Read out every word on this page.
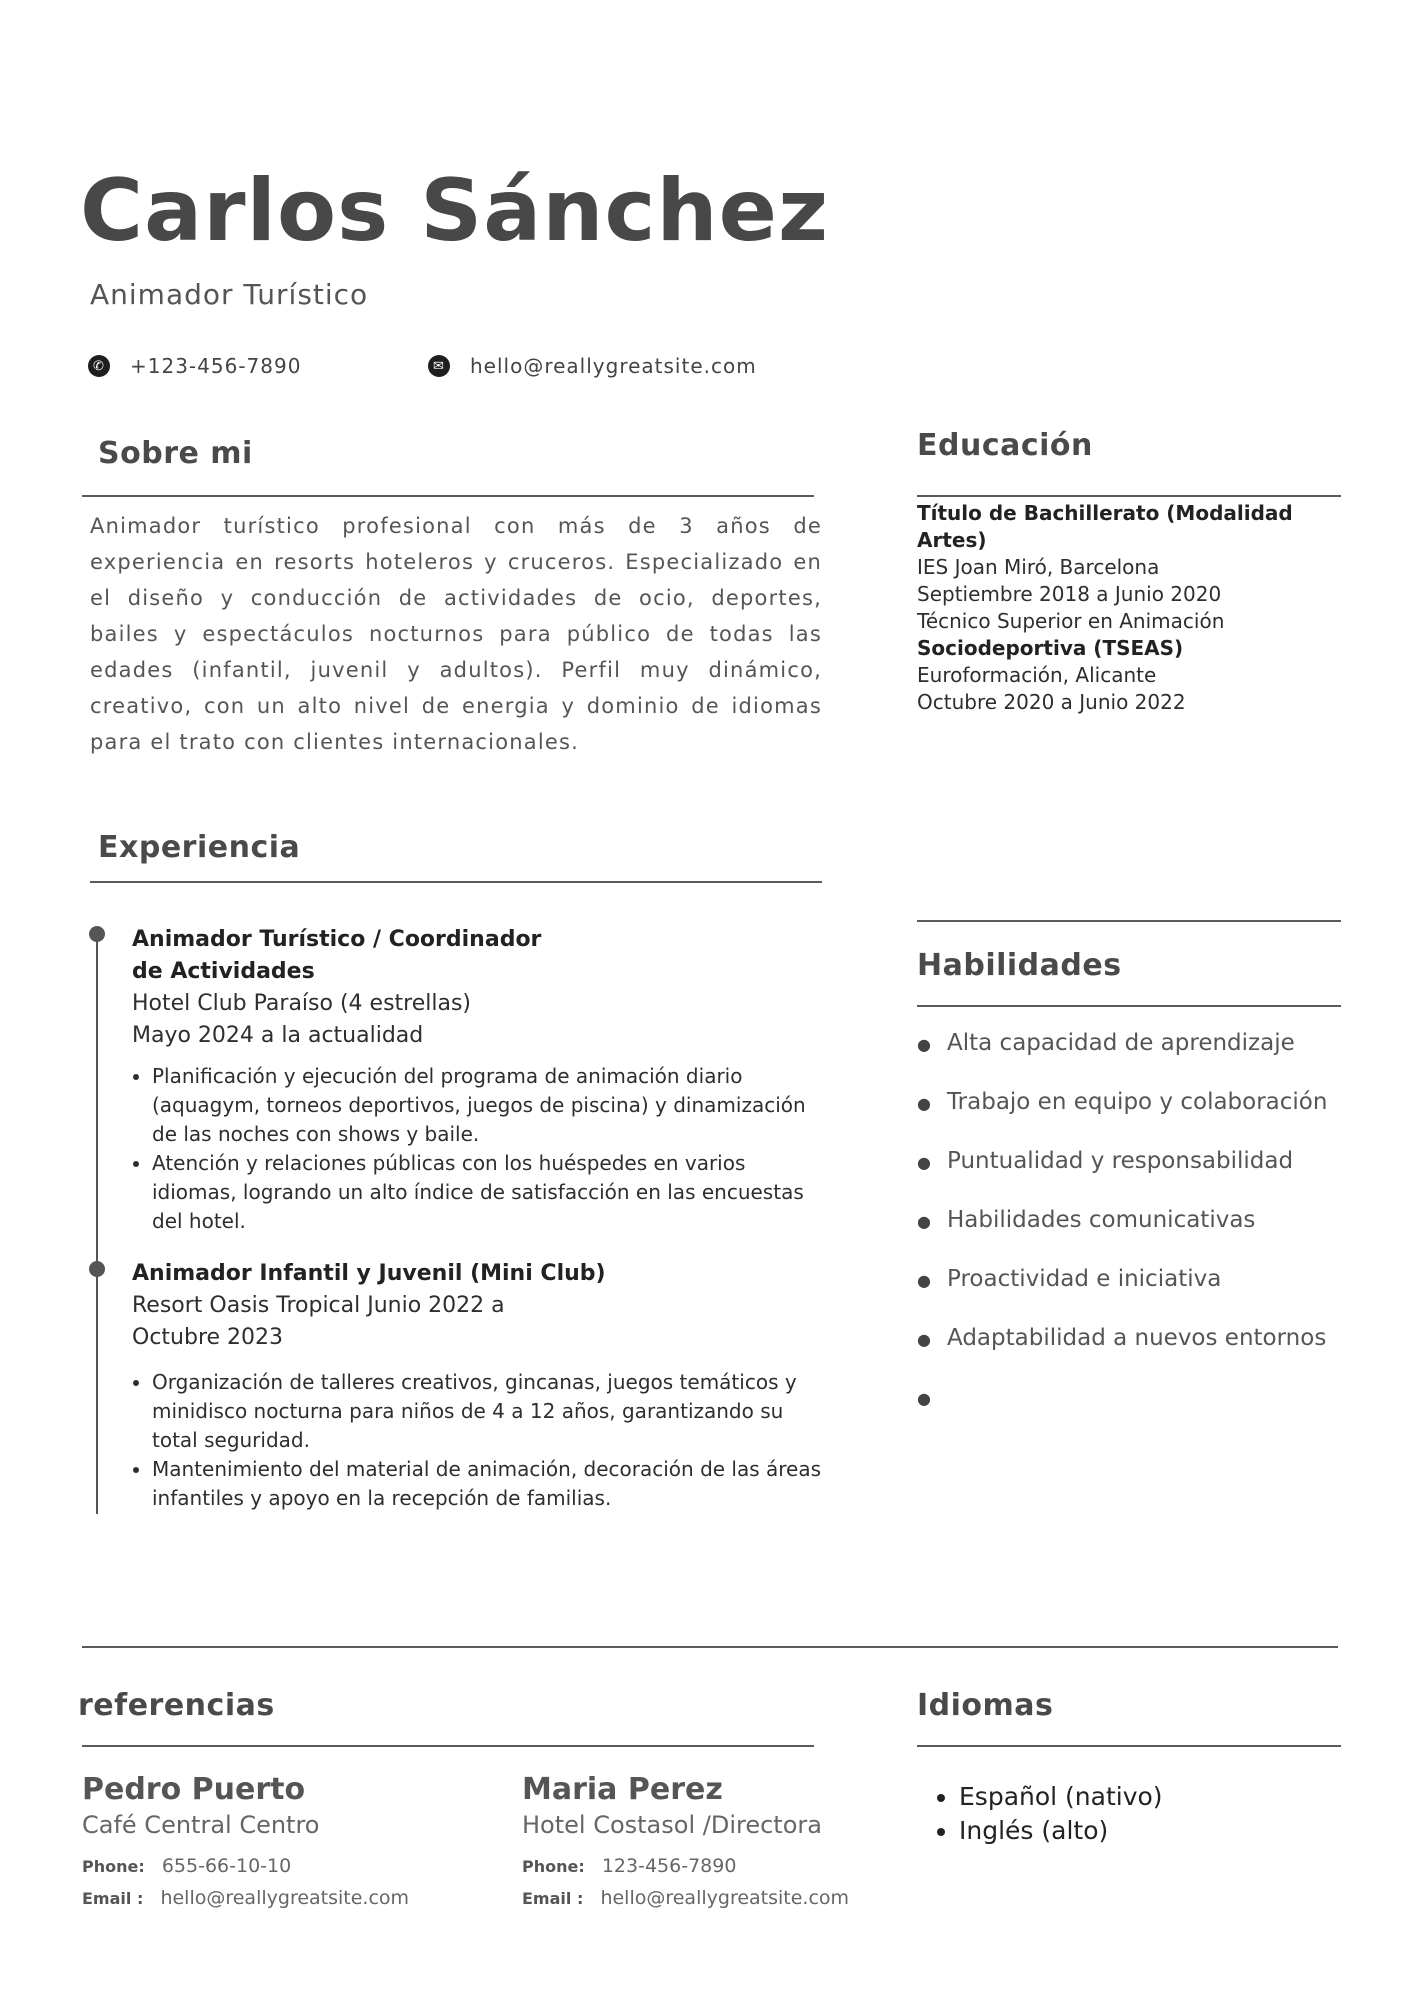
Carlos Sánchez
Animador Turístico
✆ +123-456-7890	✉ hello@reallygreatsite.com
Sobre mi
Animador turístico profesional con más de 3 años de experiencia en resorts hoteleros y cruceros. Especializado en el diseño y conducción de actividades de ocio, deportes, bailes y espectáculos nocturnos para público de todas las edades (infantil, juvenil y adultos). Perfil muy dinámico, creativo, con un alto nivel de energia y dominio de idiomas para el trato con clientes internacionales.
Educación
Título de Bachillerato (Modalidad
Artes)
IES Joan Miró, Barcelona
Septiembre 2018 a Junio 2020
Técnico Superior en Animación
Sociodeportiva (TSEAS)
Euroformación, Alicante
Octubre 2020 a Junio 2022
Experiencia
Animador Turístico / Coordinador
de Actividades
Hotel Club Paraíso (4 estrellas)
Mayo 2024 a la actualidad
• Planificación y ejecución del programa de animación diario (aquagym, torneos deportivos, juegos de piscina) y dinamización de las noches con shows y baile.
• Atención y relaciones públicas con los huéspedes en varios idiomas, logrando un alto índice de satisfacción en las encuestas del hotel.
Animador Infantil y Juvenil (Mini Club)
Resort Oasis Tropical Junio 2022 a
Octubre 2023
• Organización de talleres creativos, gincanas, juegos temáticos y minidisco nocturna para niños de 4 a 12 años, garantizando su total seguridad.
• Mantenimiento del material de animación, decoración de las áreas infantiles y apoyo en la recepción de familias.
Habilidades
● Alta capacidad de aprendizaje
● Trabajo en equipo y colaboración
● Puntualidad y responsabilidad
● Habilidades comunicativas
● Proactividad e iniciativa
● Adaptabilidad a nuevos entornos
●
referencias
Pedro Puerto
Café Central Centro
Phone: 655-66-10-10
Email : hello@reallygreatsite.com
Maria Perez
Hotel Costasol /Directora
Phone: 123-456-7890
Email : hello@reallygreatsite.com
Idiomas
• Español (nativo)
• Inglés (alto)
